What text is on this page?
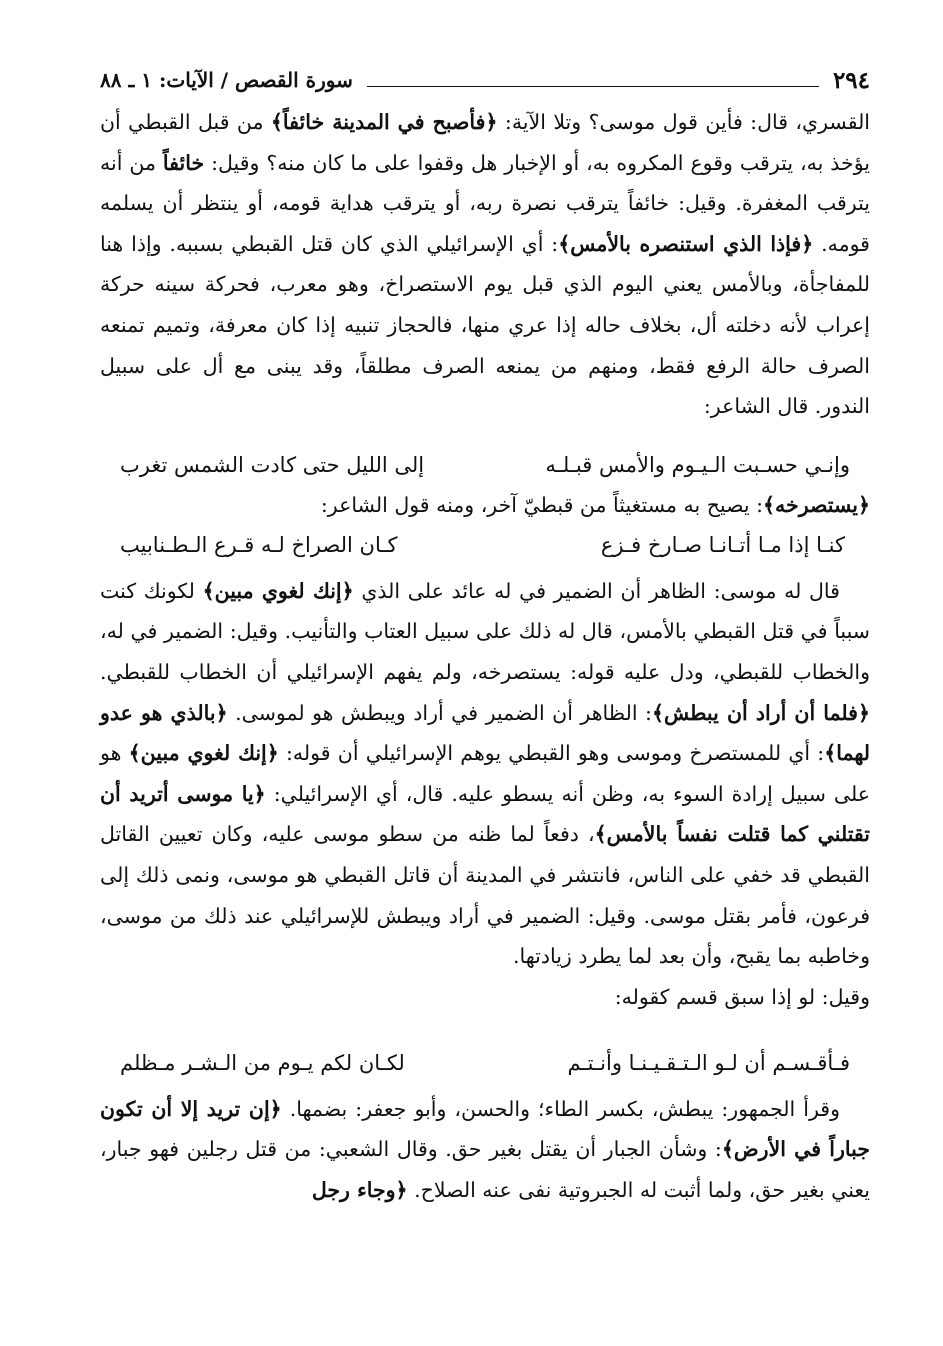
٢٩٤
سورة القصص / الآيات: ١ ـ ٨٨

القسري، قال: فأين قول موسى؟ وتلا الآية: ﴿فأصبح في المدينة خائفاً﴾ من قبل القبطي أن يؤخذ به، يترقب وقوع المكروه به، أو الإخبار هل وقفوا على ما كان منه؟ وقيل: خائفاً من أنه يترقب المغفرة. وقيل: خائفاً يترقب نصرة ربه، أو يترقب هداية قومه، أو ينتظر أن يسلمه قومه. ﴿فإذا الذي استنصره بالأمس﴾: أي الإسرائيلي الذي كان قتل القبطي بسببه. وإذا هنا للمفاجأة، وبالأمس يعني اليوم الذي قبل يوم الاستصراخ، وهو معرب، فحركة سينه حركة إعراب لأنه دخلته أل، بخلاف حاله إذا عري منها، فالحجاز تنبيه إذا كان معرفة، وتميم تمنعه الصرف حالة الرفع فقط، ومنهم من يمنعه الصرف مطلقاً، وقد يبنى مع أل على سبيل الندور. قال الشاعر:

وإنـي حسـبت الـيـوم والأمس قبـلـه
إلى الليل حتى كادت الشمس تغرب
﴿يستصرخه﴾: يصيح به مستغيثاً من قبطيّ آخر، ومنه قول الشاعر:
كنـا إذا مـا أتـانـا صـارخ فـزع
كـان الصراخ لـه قـرع الـطـنابيب

قال له موسى: الظاهر أن الضمير في له عائد على الذي ﴿إنك لغوي مبين﴾ لكونك كنت سبباً في قتل القبطي بالأمس، قال له ذلك على سبيل العتاب والتأنيب. وقيل: الضمير في له، والخطاب للقبطي، ودل عليه قوله: يستصرخه، ولم يفهم الإسرائيلي أن الخطاب للقبطي. ﴿فلما أن أراد أن يبطش﴾: الظاهر أن الضمير في أراد ويبطش هو لموسى. ﴿بالذي هو عدو لهما﴾: أي للمستصرخ وموسى وهو القبطي يوهم الإسرائيلي أن قوله: ﴿إنك لغوي مبين﴾ هو على سبيل إرادة السوء به، وظن أنه يسطو عليه. قال، أي الإسرائيلي: ﴿يا موسى أتريد أن تقتلني كما قتلت نفساً بالأمس﴾، دفعاً لما ظنه من سطو موسى عليه، وكان تعيين القاتل القبطي قد خفي على الناس، فانتشر في المدينة أن قاتل القبطي هو موسى، ونمى ذلك إلى فرعون، فأمر بقتل موسى. وقيل: الضمير في أراد ويبطش للإسرائيلي عند ذلك من موسى، وخاطبه بما يقبح، وأن بعد لما يطرد زيادتها.

وقيل: لو إذا سبق قسم كقوله:
فـأقـسـم أن لـو الـتـقـيـنـا وأنـتـم
لكـان لكم يـوم من الـشـر مـظلم

وقرأ الجمهور: يبطش، بكسر الطاء؛ والحسن، وأبو جعفر: بضمها. ﴿إن تريد إلا أن تكون جباراً في الأرض﴾: وشأن الجبار أن يقتل بغير حق. وقال الشعبي: من قتل رجلين فهو جبار، يعني بغير حق، ولما أثبت له الجبروتية نفى عنه الصلاح. ﴿وجاء رجل
